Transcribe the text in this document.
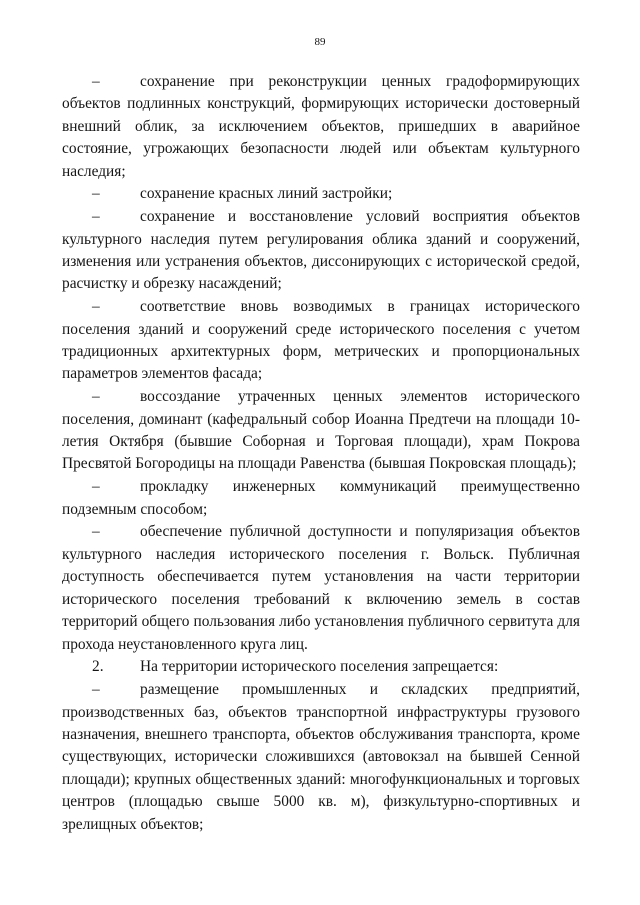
89

–	сохранение при реконструкции ценных градоформирующих объектов подлинных конструкций, формирующих исторически достоверный внешний облик, за исключением объектов, пришедших в аварийное состояние, угрожающих безопасности людей или объектам культурного наследия;

–	сохранение красных линий застройки;

–	сохранение и восстановление условий восприятия объектов культурного наследия путем регулирования облика зданий и сооружений, изменения или устранения объектов, диссонирующих с исторической средой, расчистку и обрезку насаждений;

–	соответствие вновь возводимых в границах исторического поселения зданий и сооружений среде исторического поселения с учетом традиционных архитектурных форм, метрических и пропорциональных параметров элементов фасада;

–	воссоздание утраченных ценных элементов исторического поселения, доминант (кафедральный собор Иоанна Предтечи на площади 10-летия Октября (бывшие Соборная и Торговая площади), храм Покрова Пресвятой Богородицы на площади Равенства (бывшая Покровская площадь);

–	прокладку инженерных коммуникаций преимущественно подземным способом;

–	обеспечение публичной доступности и популяризация объектов культурного наследия исторического поселения г. Вольск. Публичная доступность обеспечивается путем установления на части территории исторического поселения требований к включению земель в состав территорий общего пользования либо установления публичного сервитута для прохода неустановленного круга лиц.

2. На территории исторического поселения запрещается:

–	размещение промышленных и складских предприятий, производственных баз, объектов транспортной инфраструктуры грузового назначения, внешнего транспорта, объектов обслуживания транспорта, кроме существующих, исторически сложившихся (автовокзал на бывшей Сенной площади); крупных общественных зданий: многофункциональных и торговых центров (площадью свыше 5000 кв. м), физкультурно-спортивных и зрелищных объектов;
